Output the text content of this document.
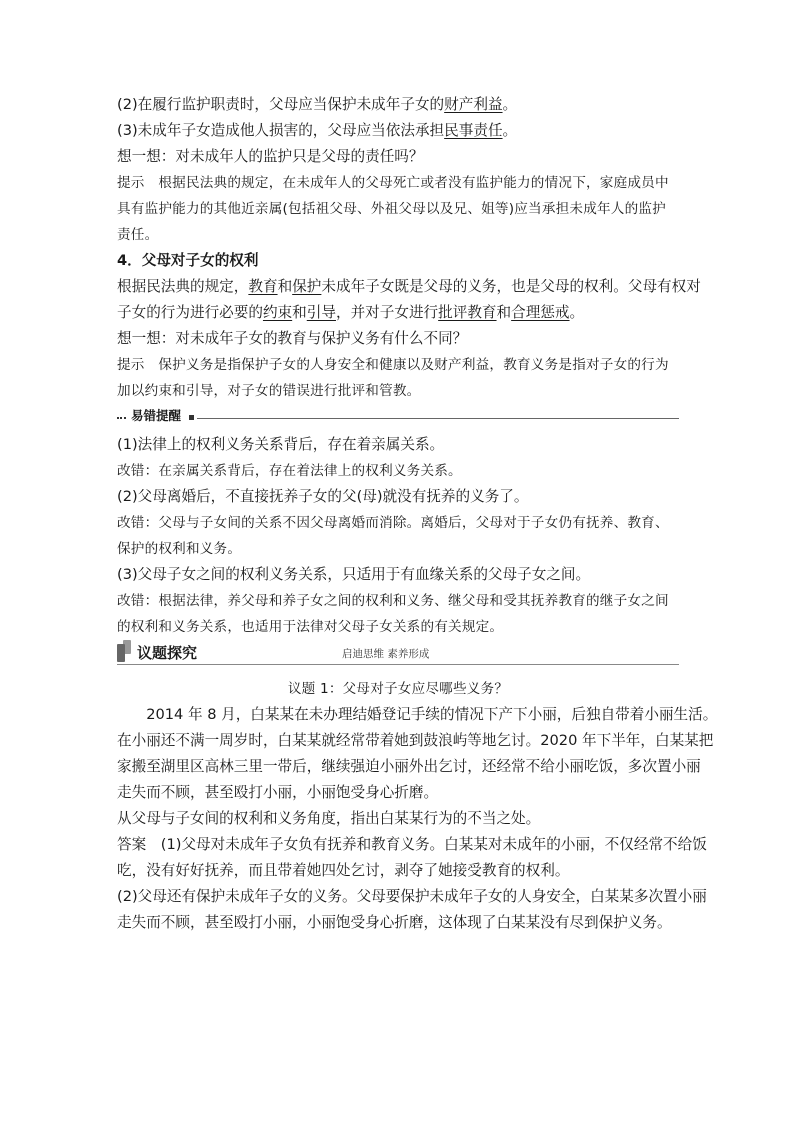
(2)在履行监护职责时，父母应当保护未成年子女的财产利益。

(3)未成年子女造成他人损害的，父母应当依法承担民事责任。

想一想：对未成年人的监护只是父母的责任吗？

提示　根据民法典的规定，在未成年人的父母死亡或者没有监护能力的情况下，家庭成员中

具有监护能力的其他近亲属(包括祖父母、外祖父母以及兄、姐等)应当承担未成年人的监护

责任。

4．父母对子女的权利

根据民法典的规定，教育和保护未成年子女既是父母的义务，也是父母的权利。父母有权对

子女的行为进行必要的约束和引导，并对子女进行批评教育和合理惩戒。

想一想：对未成年子女的教育与保护义务有什么不同？

提示　保护义务是指保护子女的人身安全和健康以及财产利益，教育义务是指对子女的行为

加以约束和引导，对子女的错误进行批评和管教。

易错提醒

(1)法律上的权利义务关系背后，存在着亲属关系。

改错：在亲属关系背后，存在着法律上的权利义务关系。

(2)父母离婚后，不直接抚养子女的父(母)就没有抚养的义务了。

改错：父母与子女间的关系不因父母离婚而消除。离婚后，父母对于子女仍有抚养、教育、

保护的权利和义务。

(3)父母子女之间的权利义务关系，只适用于有血缘关系的父母子女之间。

改错：根据法律，养父母和养子女之间的权利和义务、继父母和受其抚养教育的继子女之间

的权利和义务关系，也适用于法律对父母子女关系的有关规定。

议题探究	启迪思维 素养形成

议题 1：父母对子女应尽哪些义务？

2014 年 8 月，白某某在未办理结婚登记手续的情况下产下小丽，后独自带着小丽生活。

在小丽还不满一周岁时，白某某就经常带着她到鼓浪屿等地乞讨。2020 年下半年，白某某把

家搬至湖里区高林三里一带后，继续强迫小丽外出乞讨，还经常不给小丽吃饭，多次置小丽

走失而不顾，甚至殴打小丽，小丽饱受身心折磨。

从父母与子女间的权利和义务角度，指出白某某行为的不当之处。

答案　(1)父母对未成年子女负有抚养和教育义务。白某某对未成年的小丽，不仅经常不给饭

吃，没有好好抚养，而且带着她四处乞讨，剥夺了她接受教育的权利。

(2)父母还有保护未成年子女的义务。父母要保护未成年子女的人身安全，白某某多次置小丽

走失而不顾，甚至殴打小丽，小丽饱受身心折磨，这体现了白某某没有尽到保护义务。
